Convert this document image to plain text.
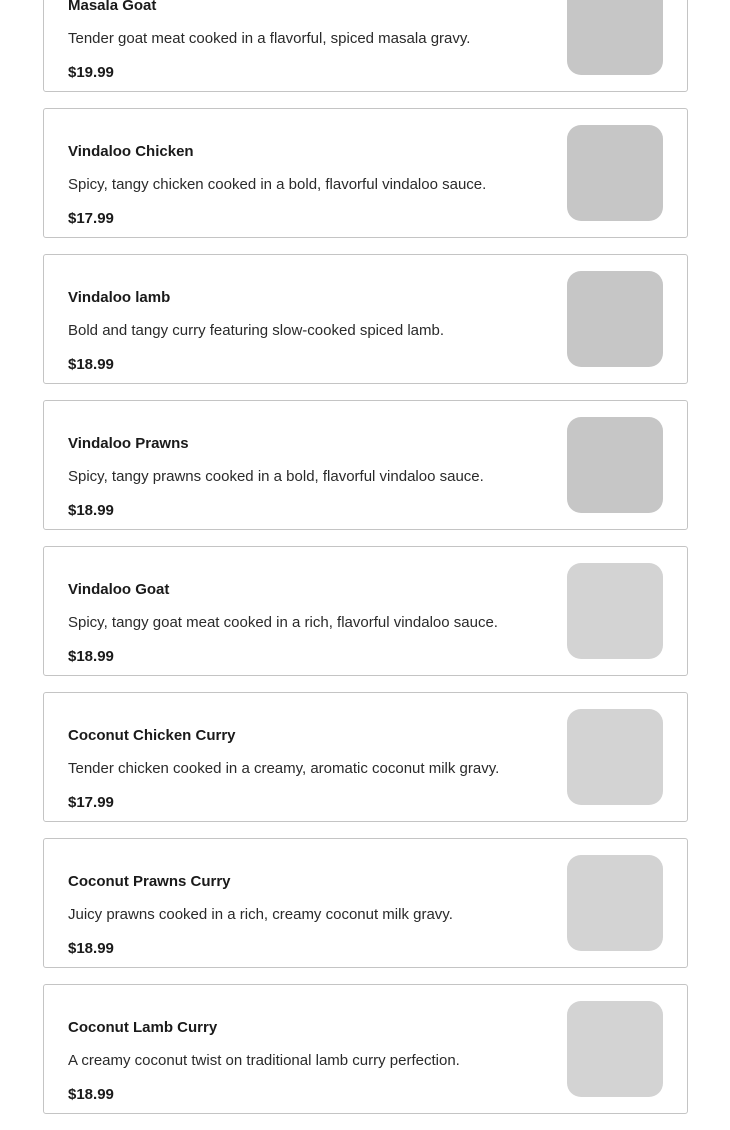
Masala Goat
Tender goat meat cooked in a flavorful, spiced masala gravy.
$19.99
Vindaloo Chicken
Spicy, tangy chicken cooked in a bold, flavorful vindaloo sauce.
$17.99
Vindaloo lamb
Bold and tangy curry featuring slow-cooked spiced lamb.
$18.99
Vindaloo Prawns
Spicy, tangy prawns cooked in a bold, flavorful vindaloo sauce.
$18.99
Vindaloo Goat
Spicy, tangy goat meat cooked in a rich, flavorful vindaloo sauce.
$18.99
Coconut Chicken Curry
Tender chicken cooked in a creamy, aromatic coconut milk gravy.
$17.99
Coconut Prawns Curry
Juicy prawns cooked in a rich, creamy coconut milk gravy.
$18.99
Coconut Lamb Curry
A creamy coconut twist on traditional lamb curry perfection.
$18.99
